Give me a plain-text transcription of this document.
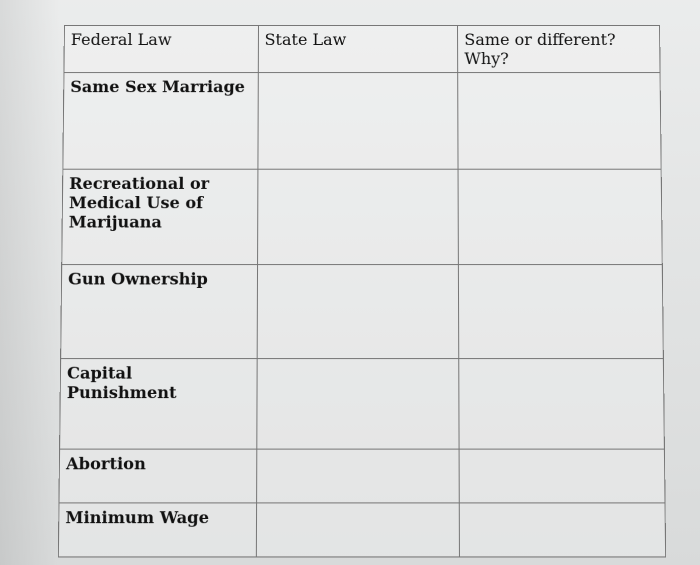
Federal Law	State Law	Same or different? Why?

Same Sex Marriage		

Recreational or Medical Use of Marijuana		

Gun Ownership		

Capital Punishment		

Abortion		
Minimum Wage		
